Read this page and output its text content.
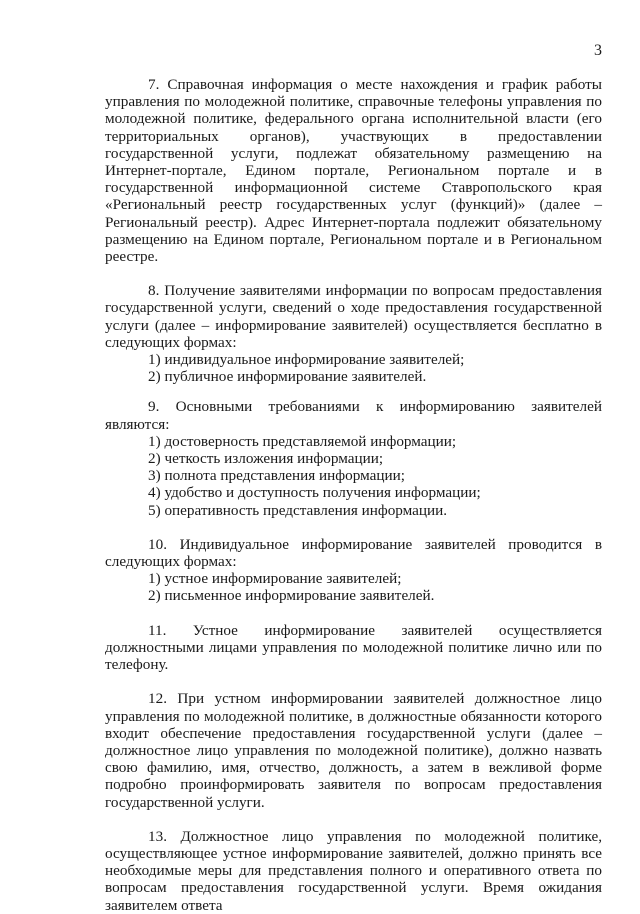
3

7. Справочная информация о месте нахождения и график работы управления по молодежной политике, справочные телефоны управления по молодежной политике, федерального органа исполнительной власти (его территориальных органов), участвующих в предоставлении государственной услуги, подлежат обязательному размещению на Интернет-портале, Едином портале, Региональном портале и в государственной информационной системе Ставропольского края «Региональный реестр государственных услуг (функций)» (далее – Региональный реестр). Адрес Интернет-портала подлежит обязательному размещению на Едином портале, Региональном портале и в Региональном реестре.

8. Получение заявителями информации по вопросам предоставления государственной услуги, сведений о ходе предоставления государственной услуги (далее – информирование заявителей) осуществляется бесплатно в следующих формах:

1) индивидуальное информирование заявителей;
2) публичное информирование заявителей.

9. Основными требованиями к информированию заявителей являются:

1) достоверность представляемой информации;
2) четкость изложения информации;
3) полнота представления информации;
4) удобство и доступность получения информации;
5) оперативность представления информации.

10. Индивидуальное информирование заявителей проводится в следующих формах:

1) устное информирование заявителей;
2) письменное информирование заявителей.

11. Устное информирование заявителей осуществляется должностными лицами управления по молодежной политике лично или по телефону.

12. При устном информировании заявителей должностное лицо управления по молодежной политике, в должностные обязанности которого входит обеспечение предоставления государственной услуги (далее – должностное лицо управления по молодежной политике), должно назвать свою фамилию, имя, отчество, должность, а затем в вежливой форме подробно проинформировать заявителя по вопросам предоставления государственной услуги.

13. Должностное лицо управления по молодежной политике, осуществляющее устное информирование заявителей, должно принять все необходимые меры для представления полного и оперативного ответа по вопросам предоставления государственной услуги. Время ожидания заявителем ответа
